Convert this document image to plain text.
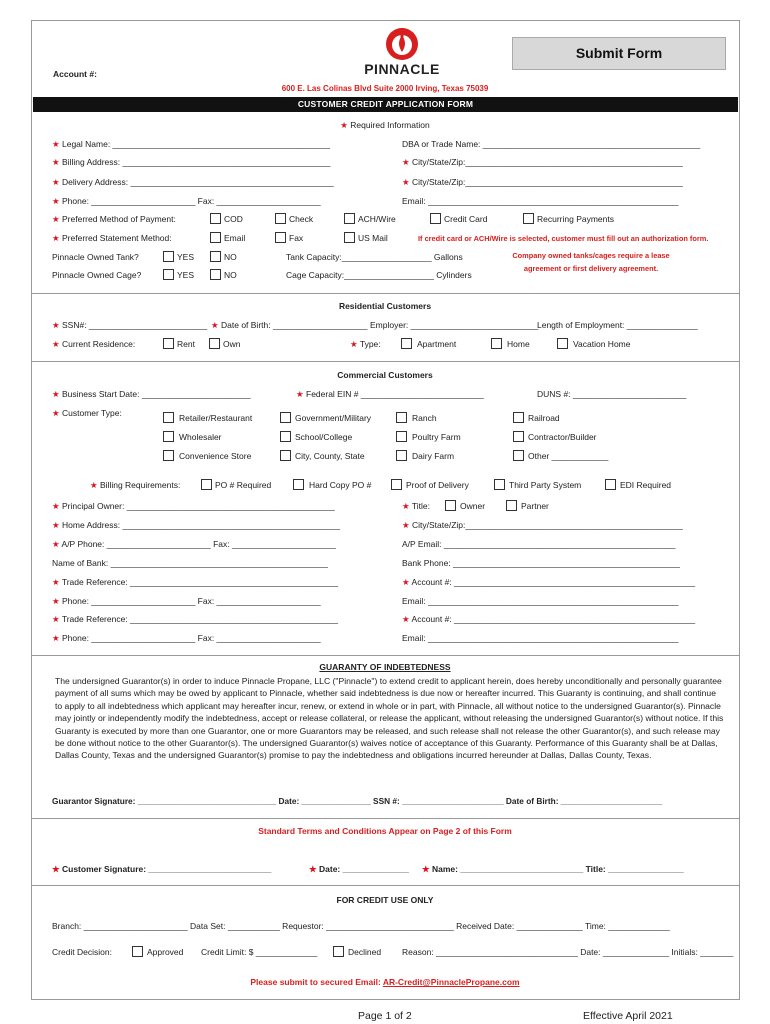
Account #:	PINNACLE
Submit Form
600 E. Las Colinas Blvd Suite 2000 Irving, Texas 75039
CUSTOMER CREDIT APPLICATION FORM
★ Required Information
★ Legal Name: ______________________________________________	DBA or Trade Name: ______________________________________________
★ Billing Address: ____________________________________________	★ City/State/Zip:______________________________________________
★ Delivery Address: ___________________________________________	★ City/State/Zip:______________________________________________
★ Phone: ______________________ Fax: ______________________	Email: _____________________________________________________
★ Preferred Method of Payment:	COD	Check	ACH/Wire	Credit Card	Recurring Payments
★ Preferred Statement Method:	Email	Fax	US Mail	If credit card or ACH/Wire is selected, customer must fill out an authorization form.
Pinnacle Owned Tank?	YES	NO	Tank Capacity:___________________ Gallons	Company owned tanks/cages require a lease
agreement or first delivery agreement.
Pinnacle Owned Cage?	YES	NO	Cage Capacity:___________________ Cylinders
Residential Customers
★ SSN#: _________________________ ★ Date of Birth: ____________________ Employer: ___________________________
Length of Employment: _______________
★ Current Residence:	Rent	Own	★ Type:	Apartment	Home	Vacation Home
Commercial Customers
★ Business Start Date: _______________________	★ Federal EIN # __________________________	DUNS #: ________________________
★ Customer Type:	Retailer/Restaurant	Government/Military	Ranch	Railroad
Wholesaler	School/College	Poultry Farm	Contractor/Builder
Convenience Store	City, County, State	Dairy Farm	Other ____________
★ Billing Requirements:	PO # Required	Hard Copy PO #	Proof of Delivery	Third Party System	EDI Required
★ Principal Owner: ____________________________________________	★ Title:	Owner	Partner
★ Home Address: ______________________________________________	★ City/State/Zip:______________________________________________
★ A/P Phone: ______________________ Fax: ______________________	A/P Email: _________________________________________________
Name of Bank: ______________________________________________	Bank Phone: ________________________________________________
★ Trade Reference: ____________________________________________	★ Account #: ___________________________________________________
★ Phone: ______________________ Fax: ______________________	Email: _____________________________________________________
★ Trade Reference: ____________________________________________	★ Account #: ___________________________________________________
★ Phone: ______________________ Fax: ______________________	Email: _____________________________________________________
GUARANTY OF INDEBTEDNESS
The undersigned Guarantor(s) in order to induce Pinnacle Propane, LLC ("Pinnacle") to extend credit to applicant herein, does hereby unconditionally and personally guarantee payment of all sums which may be owed by applicant to Pinnacle, whether said indebtedness is due now or hereafter incurred. This Guaranty is continuing, and shall continue to apply to all indebtedness which applicant may hereafter incur, renew, or extend in whole or in part, with Pinnacle, all without notice to the undersigned Guarantor(s). Pinnacle may jointly or independently modify the indebtedness, accept or release collateral, or release the applicant, without releasing the undersigned Guarantor(s) without notice. If this Guaranty is executed by more than one Guarantor, one or more Guarantors may be released, and such release shall not release the other Guarantor(s), and such release may be done without notice to the other Guarantor(s). The undersigned Guarantor(s) waives notice of acceptance of this Guaranty. Performance of this Guaranty shall be at Dallas, Dallas County, Texas and the undersigned Guarantor(s) promise to pay the indebtedness and obligations incurred hereunder at Dallas, Dallas County, Texas.
Guarantor Signature: ______________________________ Date: _______________ SSN #: ______________________ Date of Birth: ______________________
Standard Terms and Conditions Appear on Page 2 of this Form
★ Customer Signature: __________________________	★ Date: ______________ ★ Name: __________________________ Title: ________________
FOR CREDIT USE ONLY
Branch: ______________________ Data Set: ___________ Requestor: ___________________________ Received Date: ______________ Time: _____________
Credit Decision:	Approved Credit Limit: $ _____________	Declined Reason: ______________________________ Date: ______________ Initials: _______
Please submit to secured Email: AR-Credit@PinnaclePropane.com
Page 1 of 2	Effective April 2021
